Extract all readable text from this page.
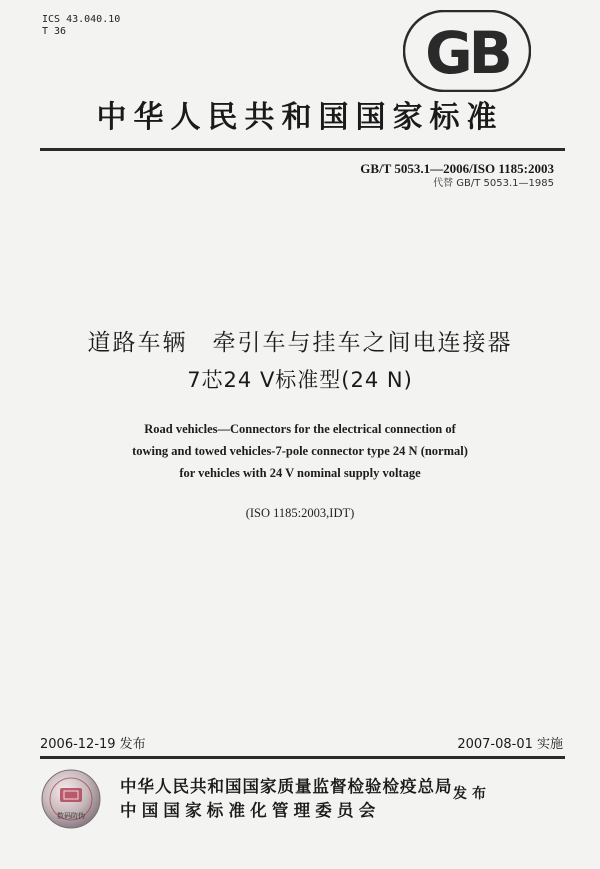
ICS 43.040.10
T 36	GB
中华人民共和国国家标准
GB/T 5053.1—2006/ISO 1185:2003
代替 GB/T 5053.1—1985
道路车辆　牵引车与挂车之间电连接器
7芯24 V标准型(24 N)
Road vehicles—Connectors for the electrical connection of
towing and towed vehicles-7-pole connector type 24 N (normal)
for vehicles with 24 V nominal supply voltage
(ISO 1185:2003,IDT)
2006-12-19 发布	2007-08-01 实施
数码防伪
中华人民共和国国家质量监督检验检疫总局
中国国家标准化管理委员会
发布
